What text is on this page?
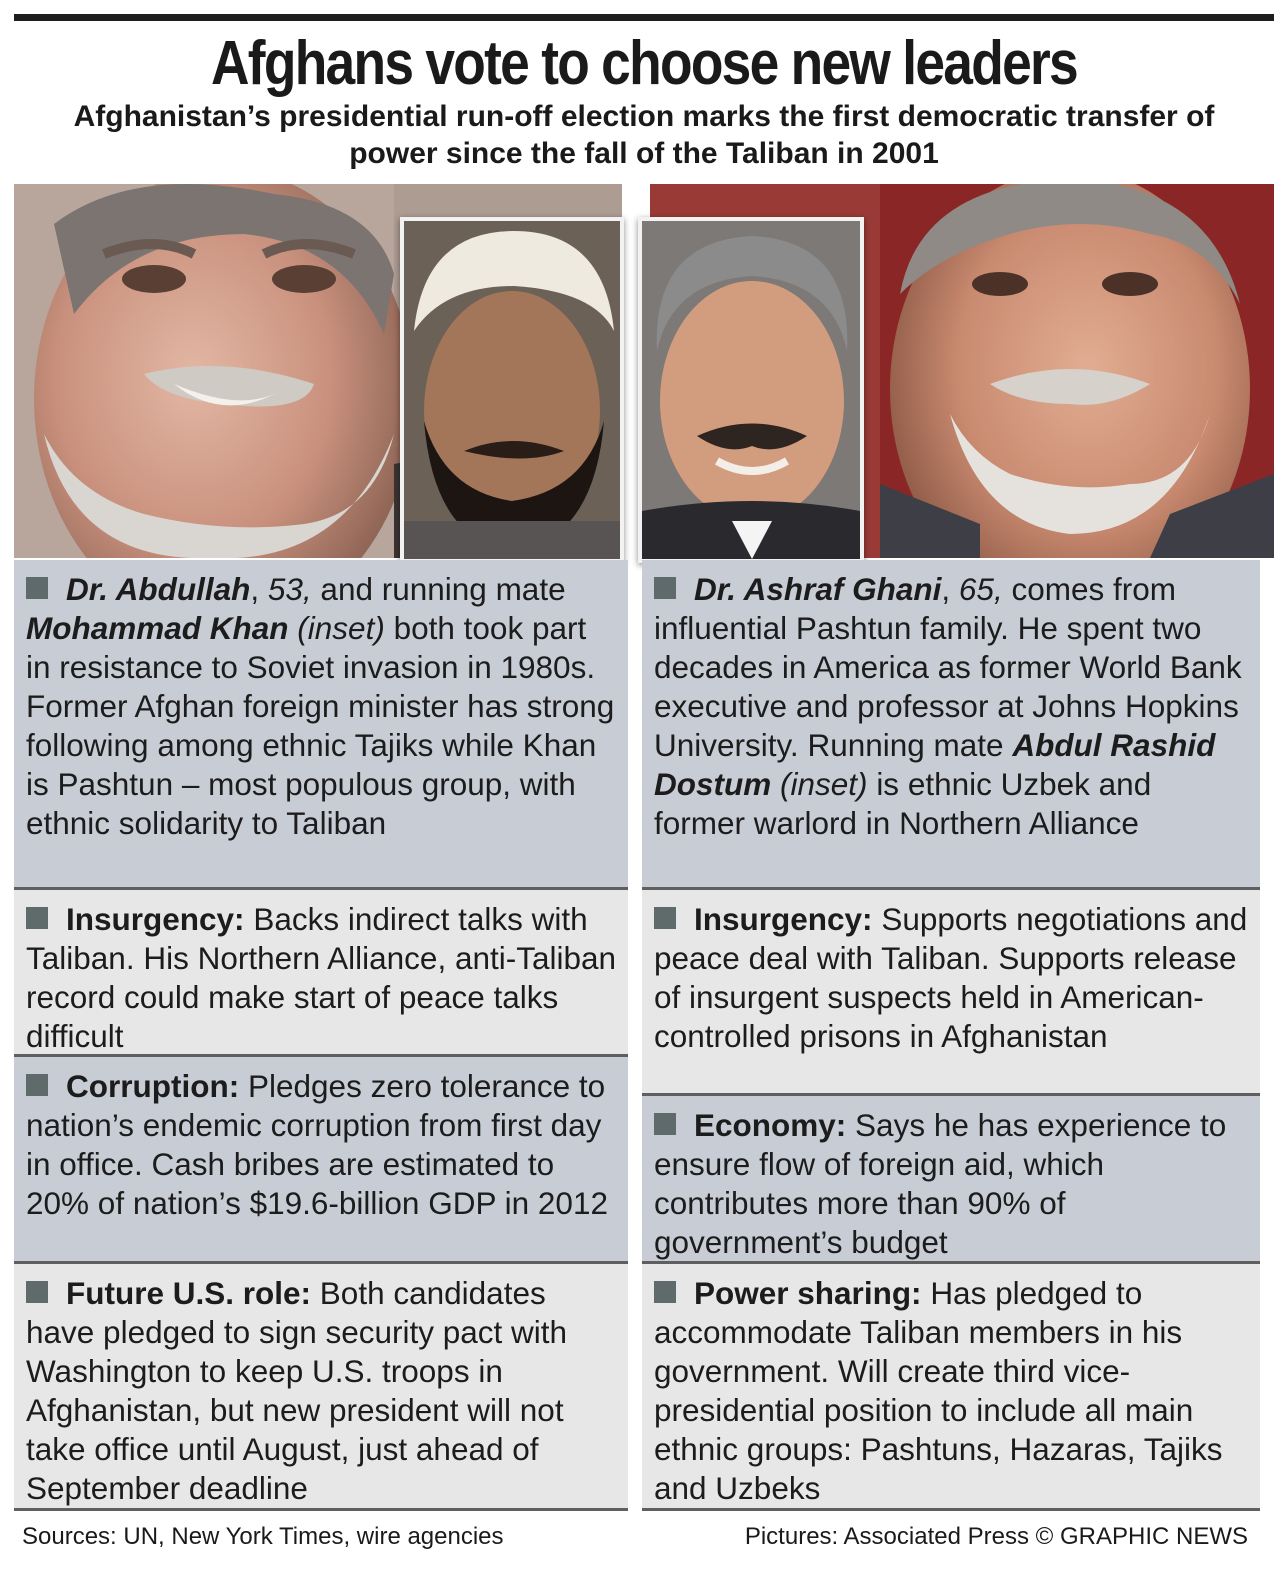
Afghans vote to choose new leaders
Afghanistan’s presidential run-off election marks the first democratic transfer of power since the fall of the Taliban in 2001
Dr. Abdullah, 53, and running mate Mohammad Khan (inset) both took part in resistance to Soviet invasion in 1980s. Former Afghan foreign minister has strong following among ethnic Tajiks while Khan is Pashtun – most populous group, with ethnic solidarity to Taliban
Insurgency: Backs indirect talks with Taliban. His Northern Alliance, anti-Taliban record could make start of peace talks difficult
Corruption: Pledges zero tolerance to nation’s endemic corruption from first day in office. Cash bribes are estimated to 20% of nation’s $19.6-billion GDP in 2012
Future U.S. role: Both candidates have pledged to sign security pact with Washington to keep U.S. troops in Afghanistan, but new president will not take office until August, just ahead of September deadline
Dr. Ashraf Ghani, 65, comes from influential Pashtun family. He spent two decades in America as former World Bank executive and professor at Johns Hopkins University. Running mate Abdul Rashid Dostum (inset) is ethnic Uzbek and former warlord in Northern Alliance
Insurgency: Supports negotiations and peace deal with Taliban. Supports release of insurgent suspects held in American-controlled prisons in Afghanistan
Economy: Says he has experience to ensure flow of foreign aid, which contributes more than 90% of government’s budget
Power sharing: Has pledged to accommodate Taliban members in his government. Will create third vice-presidential position to include all main ethnic groups: Pashtuns, Hazaras, Tajiks and Uzbeks
Sources: UN, New York Times, wire agencies	Pictures: Associated Press © GRAPHIC NEWS
